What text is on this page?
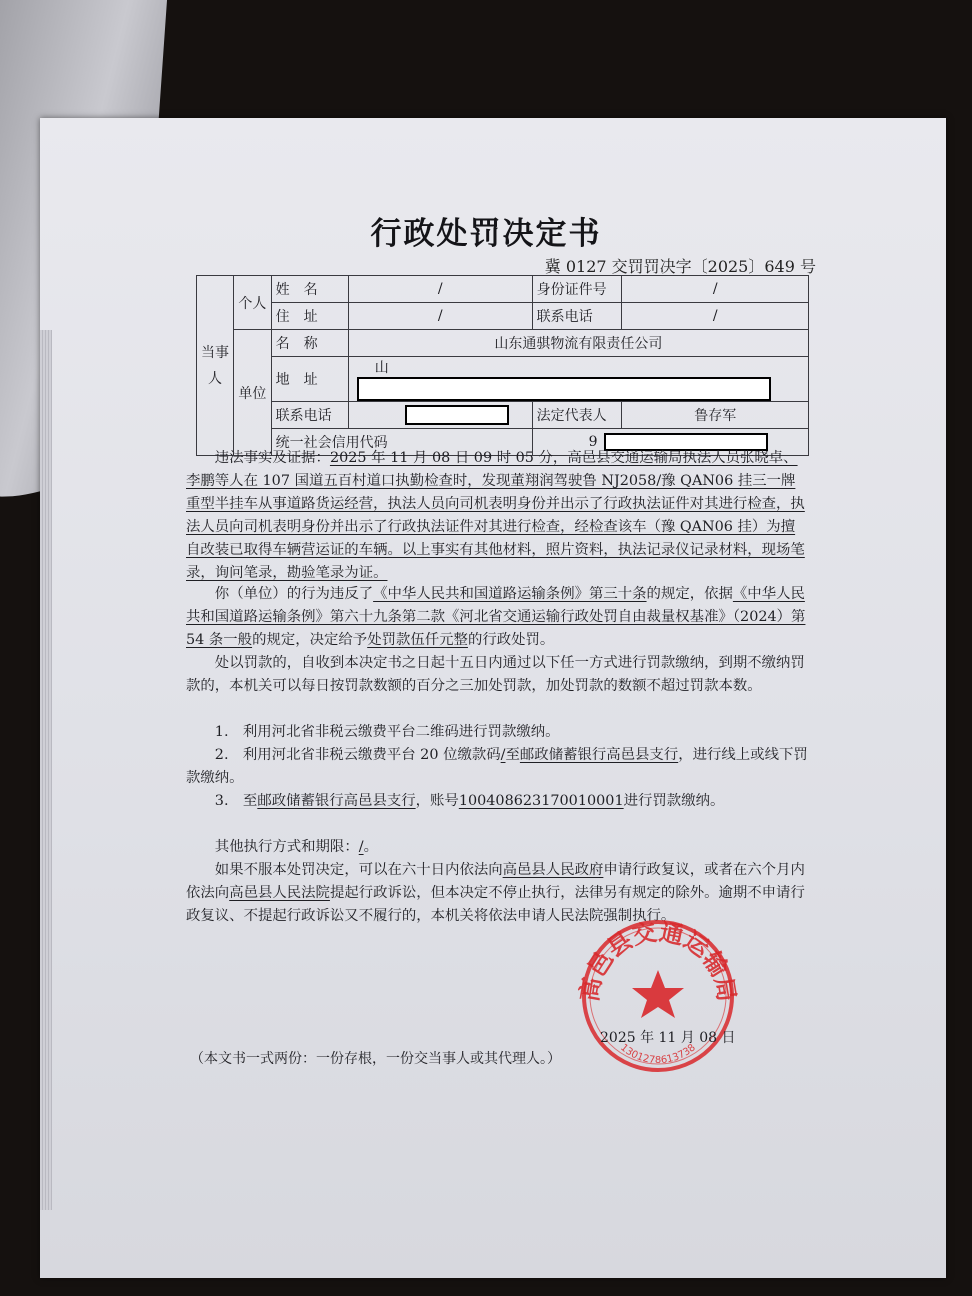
行政处罚决定书
冀 0127 交罚罚决字〔2025〕649 号
当事人	个人	姓　名	/	身份证件号	/
		住　址	/	联系电话	/
	单位	名　称	山东通骐物流有限责任公司		
		地　址	山		
		联系电话		法定代表人	鲁存军
		统一社会信用代码		9	
违法事实及证据：2025 年 11 月 08 日 09 时 05 分，高邑县交通运输局执法人员张晓卓、李鹏等人在 107 国道五百村道口执勤检查时，发现董翔润驾驶鲁 NJ2058/豫 QAN06 挂三一牌重型半挂车从事道路货运经营，执法人员向司机表明身份并出示了行政执法证件对其进行检查，执法人员向司机表明身份并出示了行政执法证件对其进行检查，经检查该车（豫 QAN06 挂）为擅自改装已取得车辆营运证的车辆。以上事实有其他材料，照片资料，执法记录仪记录材料，现场笔录，询问笔录，勘验笔录为证。
你（单位）的行为违反了《中华人民共和国道路运输条例》第三十条的规定，依据《中华人民共和国道路运输条例》第六十九条第二款《河北省交通运输行政处罚自由裁量权基准》（2024）第 54 条一般的规定，决定给予处罚款伍仟元整的行政处罚。
处以罚款的，自收到本决定书之日起十五日内通过以下任一方式进行罚款缴纳，到期不缴纳罚款的，本机关可以每日按罚款数额的百分之三加处罚款，加处罚款的数额不超过罚款本数。
1.　利用河北省非税云缴费平台二维码进行罚款缴纳。
2.　利用河北省非税云缴费平台 20 位缴款码/至邮政储蓄银行高邑县支行，进行线上或线下罚款缴纳。
3.　至邮政储蓄银行高邑县支行，账号100408623170010001进行罚款缴纳。
其他执行方式和期限：/。
如果不服本处罚决定，可以在六十日内依法向高邑县人民政府申请行政复议，或者在六个月内依法向高邑县人民法院提起行政诉讼，但本决定不停止执行，法律另有规定的除外。逾期不申请行政复议、不提起行政诉讼又不履行的，本机关将依法申请人民法院强制执行。
高邑县交通运输局
1301278613738
2025 年 11 月 08 日
（本文书一式两份：一份存根，一份交当事人或其代理人。）
